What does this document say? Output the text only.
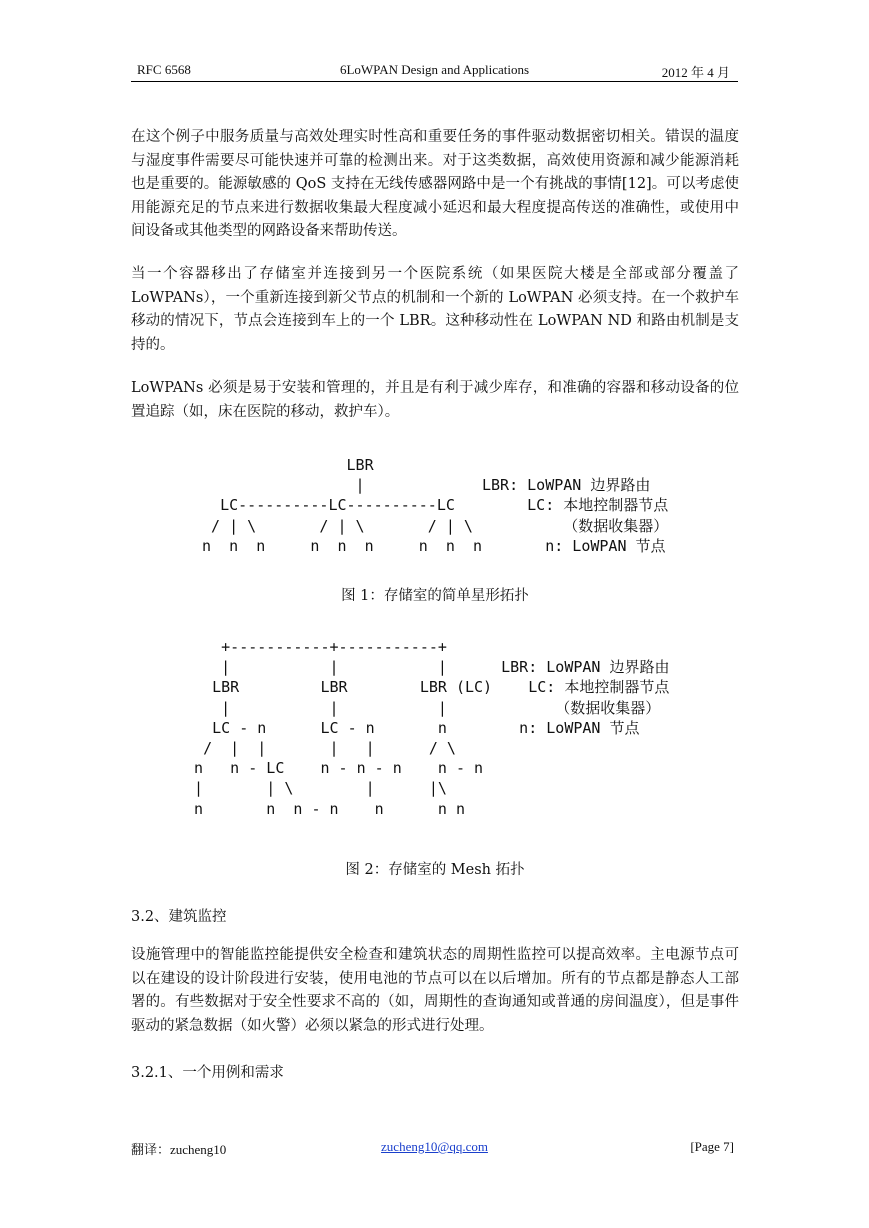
RFC 6568	6LoWPAN Design and Applications	2012 年 4 月

在这个例子中服务质量与高效处理实时性高和重要任务的事件驱动数据密切相关。错误的温度与湿度事件需要尽可能快速并可靠的检测出来。对于这类数据，高效使用资源和减少能源消耗也是重要的。能源敏感的 QoS 支持在无线传感器网路中是一个有挑战的事情[12]。可以考虑使用能源充足的节点来进行数据收集最大程度减小延迟和最大程度提高传送的准确性，或使用中间设备或其他类型的网路设备来帮助传送。

当一个容器移出了存储室并连接到另一个医院系统（如果医院大楼是全部或部分覆盖了LoWPANs），一个重新连接到新父节点的机制和一个新的 LoWPAN 必须支持。在一个救护车移动的情况下，节点会连接到车上的一个 LBR。这种移动性在 LoWPAN ND 和路由机制是支持的。

LoWPANs 必须是易于安装和管理的，并且是有利于减少库存，和准确的容器和移动设备的位置追踪（如，床在医院的移动，救护车）。

LBR
|             LBR: LoWPAN 边界路由
LC----------LC----------LC        LC: 本地控制器节点
/ | \       / | \       / | \          （数据收集器）
n  n  n     n  n  n     n  n  n       n: LoWPAN 节点

图 1：存储室的简单星形拓扑

+-----------+-----------+
|           |           |      LBR: LoWPAN 边界路由
LBR         LBR        LBR (LC)    LC: 本地控制器节点
|           |           |            （数据收集器）
LC - n      LC - n       n        n: LoWPAN 节点
/  |  |       |   |      / \
n   n - LC    n - n - n    n - n
|       | \        |      |\
n       n  n - n    n      n n

图 2：存储室的 Mesh 拓扑

3.2、建筑监控

设施管理中的智能监控能提供安全检查和建筑状态的周期性监控可以提高效率。主电源节点可以在建设的设计阶段进行安装，使用电池的节点可以在以后增加。所有的节点都是静态人工部署的。有些数据对于安全性要求不高的（如，周期性的查询通知或普通的房间温度），但是事件驱动的紧急数据（如火警）必须以紧急的形式进行处理。

3.2.1、一个用例和需求

翻译：zucheng10	zucheng10@qq.com	[Page 7]
